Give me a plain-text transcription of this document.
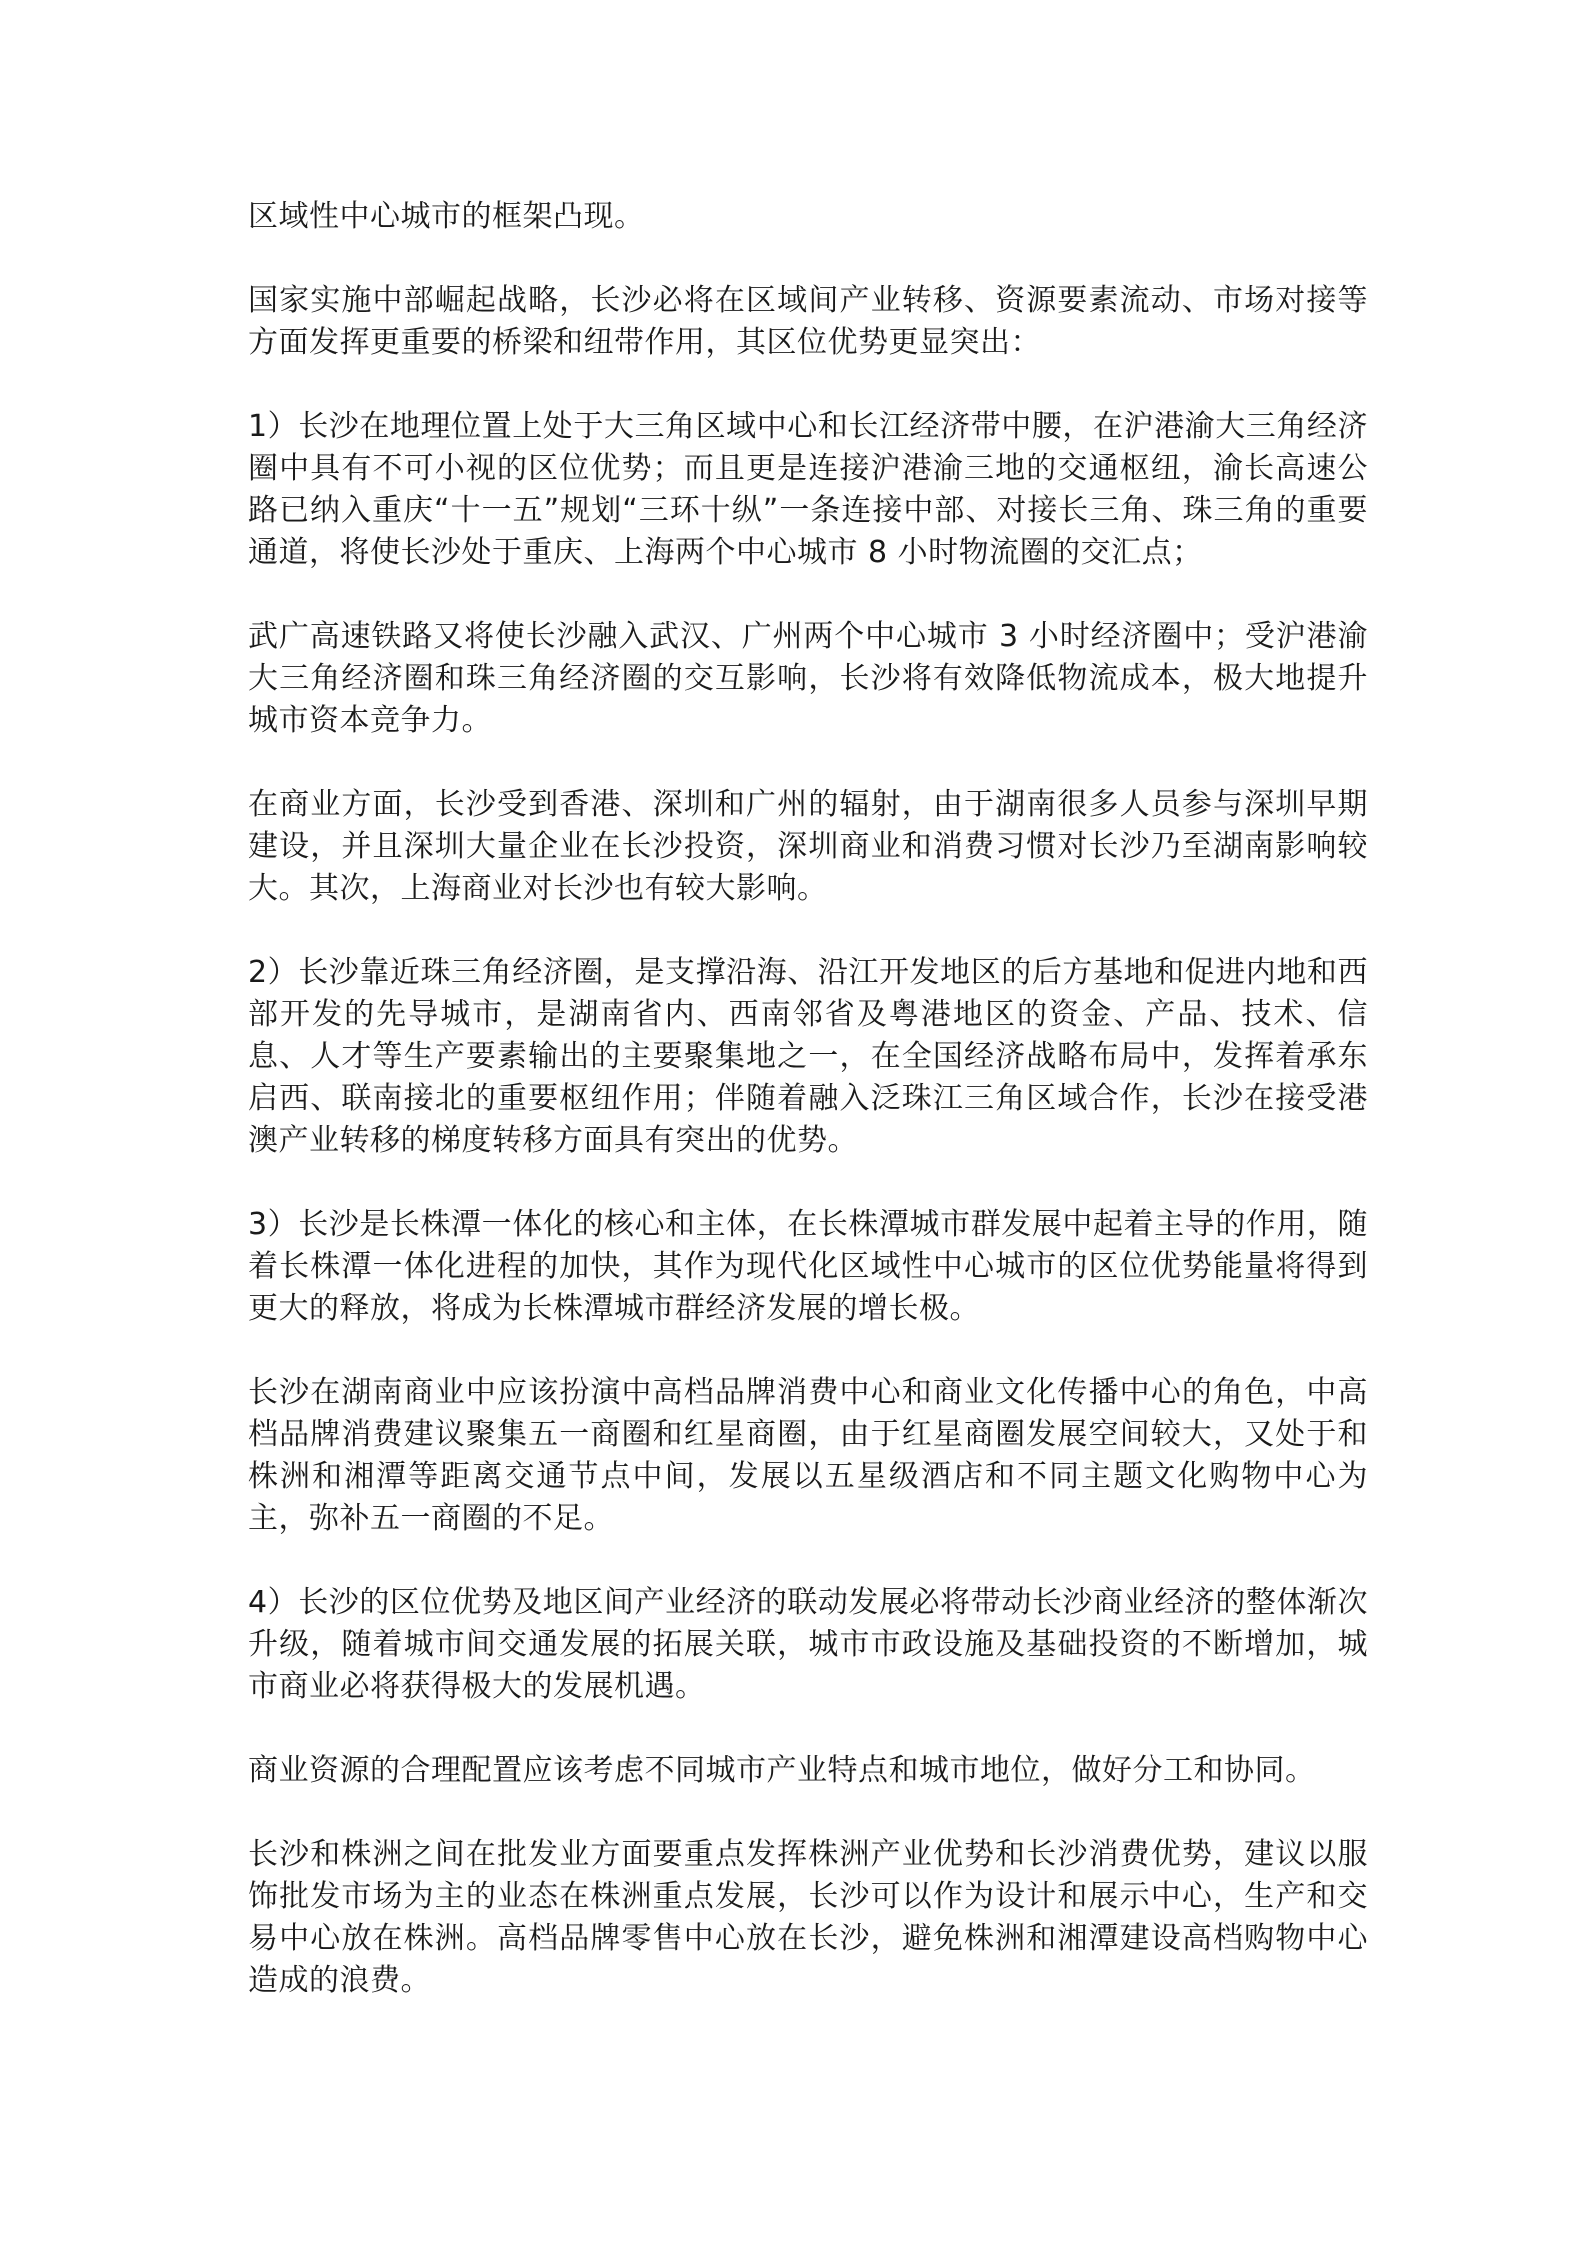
区域性中心城市的框架凸现。

国家实施中部崛起战略，长沙必将在区域间产业转移、资源要素流动、市场对接等方面发挥更重要的桥梁和纽带作用，其区位优势更显突出：

1）长沙在地理位置上处于大三角区域中心和长江经济带中腰，在沪港渝大三角经济圈中具有不可小视的区位优势；而且更是连接沪港渝三地的交通枢纽，渝长高速公路已纳入重庆“十一五”规划“三环十纵”一条连接中部、对接长三角、珠三角的重要通道，将使长沙处于重庆、上海两个中心城市 8 小时物流圈的交汇点；

武广高速铁路又将使长沙融入武汉、广州两个中心城市 3 小时经济圈中；受沪港渝大三角经济圈和珠三角经济圈的交互影响，长沙将有效降低物流成本，极大地提升城市资本竞争力。

在商业方面，长沙受到香港、深圳和广州的辐射，由于湖南很多人员参与深圳早期建设，并且深圳大量企业在长沙投资，深圳商业和消费习惯对长沙乃至湖南影响较大。其次，上海商业对长沙也有较大影响。

2）长沙靠近珠三角经济圈，是支撑沿海、沿江开发地区的后方基地和促进内地和西部开发的先导城市，是湖南省内、西南邻省及粤港地区的资金、产品、技术、信息、人才等生产要素输出的主要聚集地之一，在全国经济战略布局中，发挥着承东启西、联南接北的重要枢纽作用；伴随着融入泛珠江三角区域合作，长沙在接受港澳产业转移的梯度转移方面具有突出的优势。

3）长沙是长株潭一体化的核心和主体，在长株潭城市群发展中起着主导的作用，随着长株潭一体化进程的加快，其作为现代化区域性中心城市的区位优势能量将得到更大的释放，将成为长株潭城市群经济发展的增长极。

长沙在湖南商业中应该扮演中高档品牌消费中心和商业文化传播中心的角色，中高档品牌消费建议聚集五一商圈和红星商圈，由于红星商圈发展空间较大，又处于和株洲和湘潭等距离交通节点中间，发展以五星级酒店和不同主题文化购物中心为主，弥补五一商圈的不足。

4）长沙的区位优势及地区间产业经济的联动发展必将带动长沙商业经济的整体渐次升级，随着城市间交通发展的拓展关联，城市市政设施及基础投资的不断增加，城市商业必将获得极大的发展机遇。

商业资源的合理配置应该考虑不同城市产业特点和城市地位，做好分工和协同。

长沙和株洲之间在批发业方面要重点发挥株洲产业优势和长沙消费优势，建议以服饰批发市场为主的业态在株洲重点发展，长沙可以作为设计和展示中心，生产和交易中心放在株洲。高档品牌零售中心放在长沙，避免株洲和湘潭建设高档购物中心造成的浪费。
